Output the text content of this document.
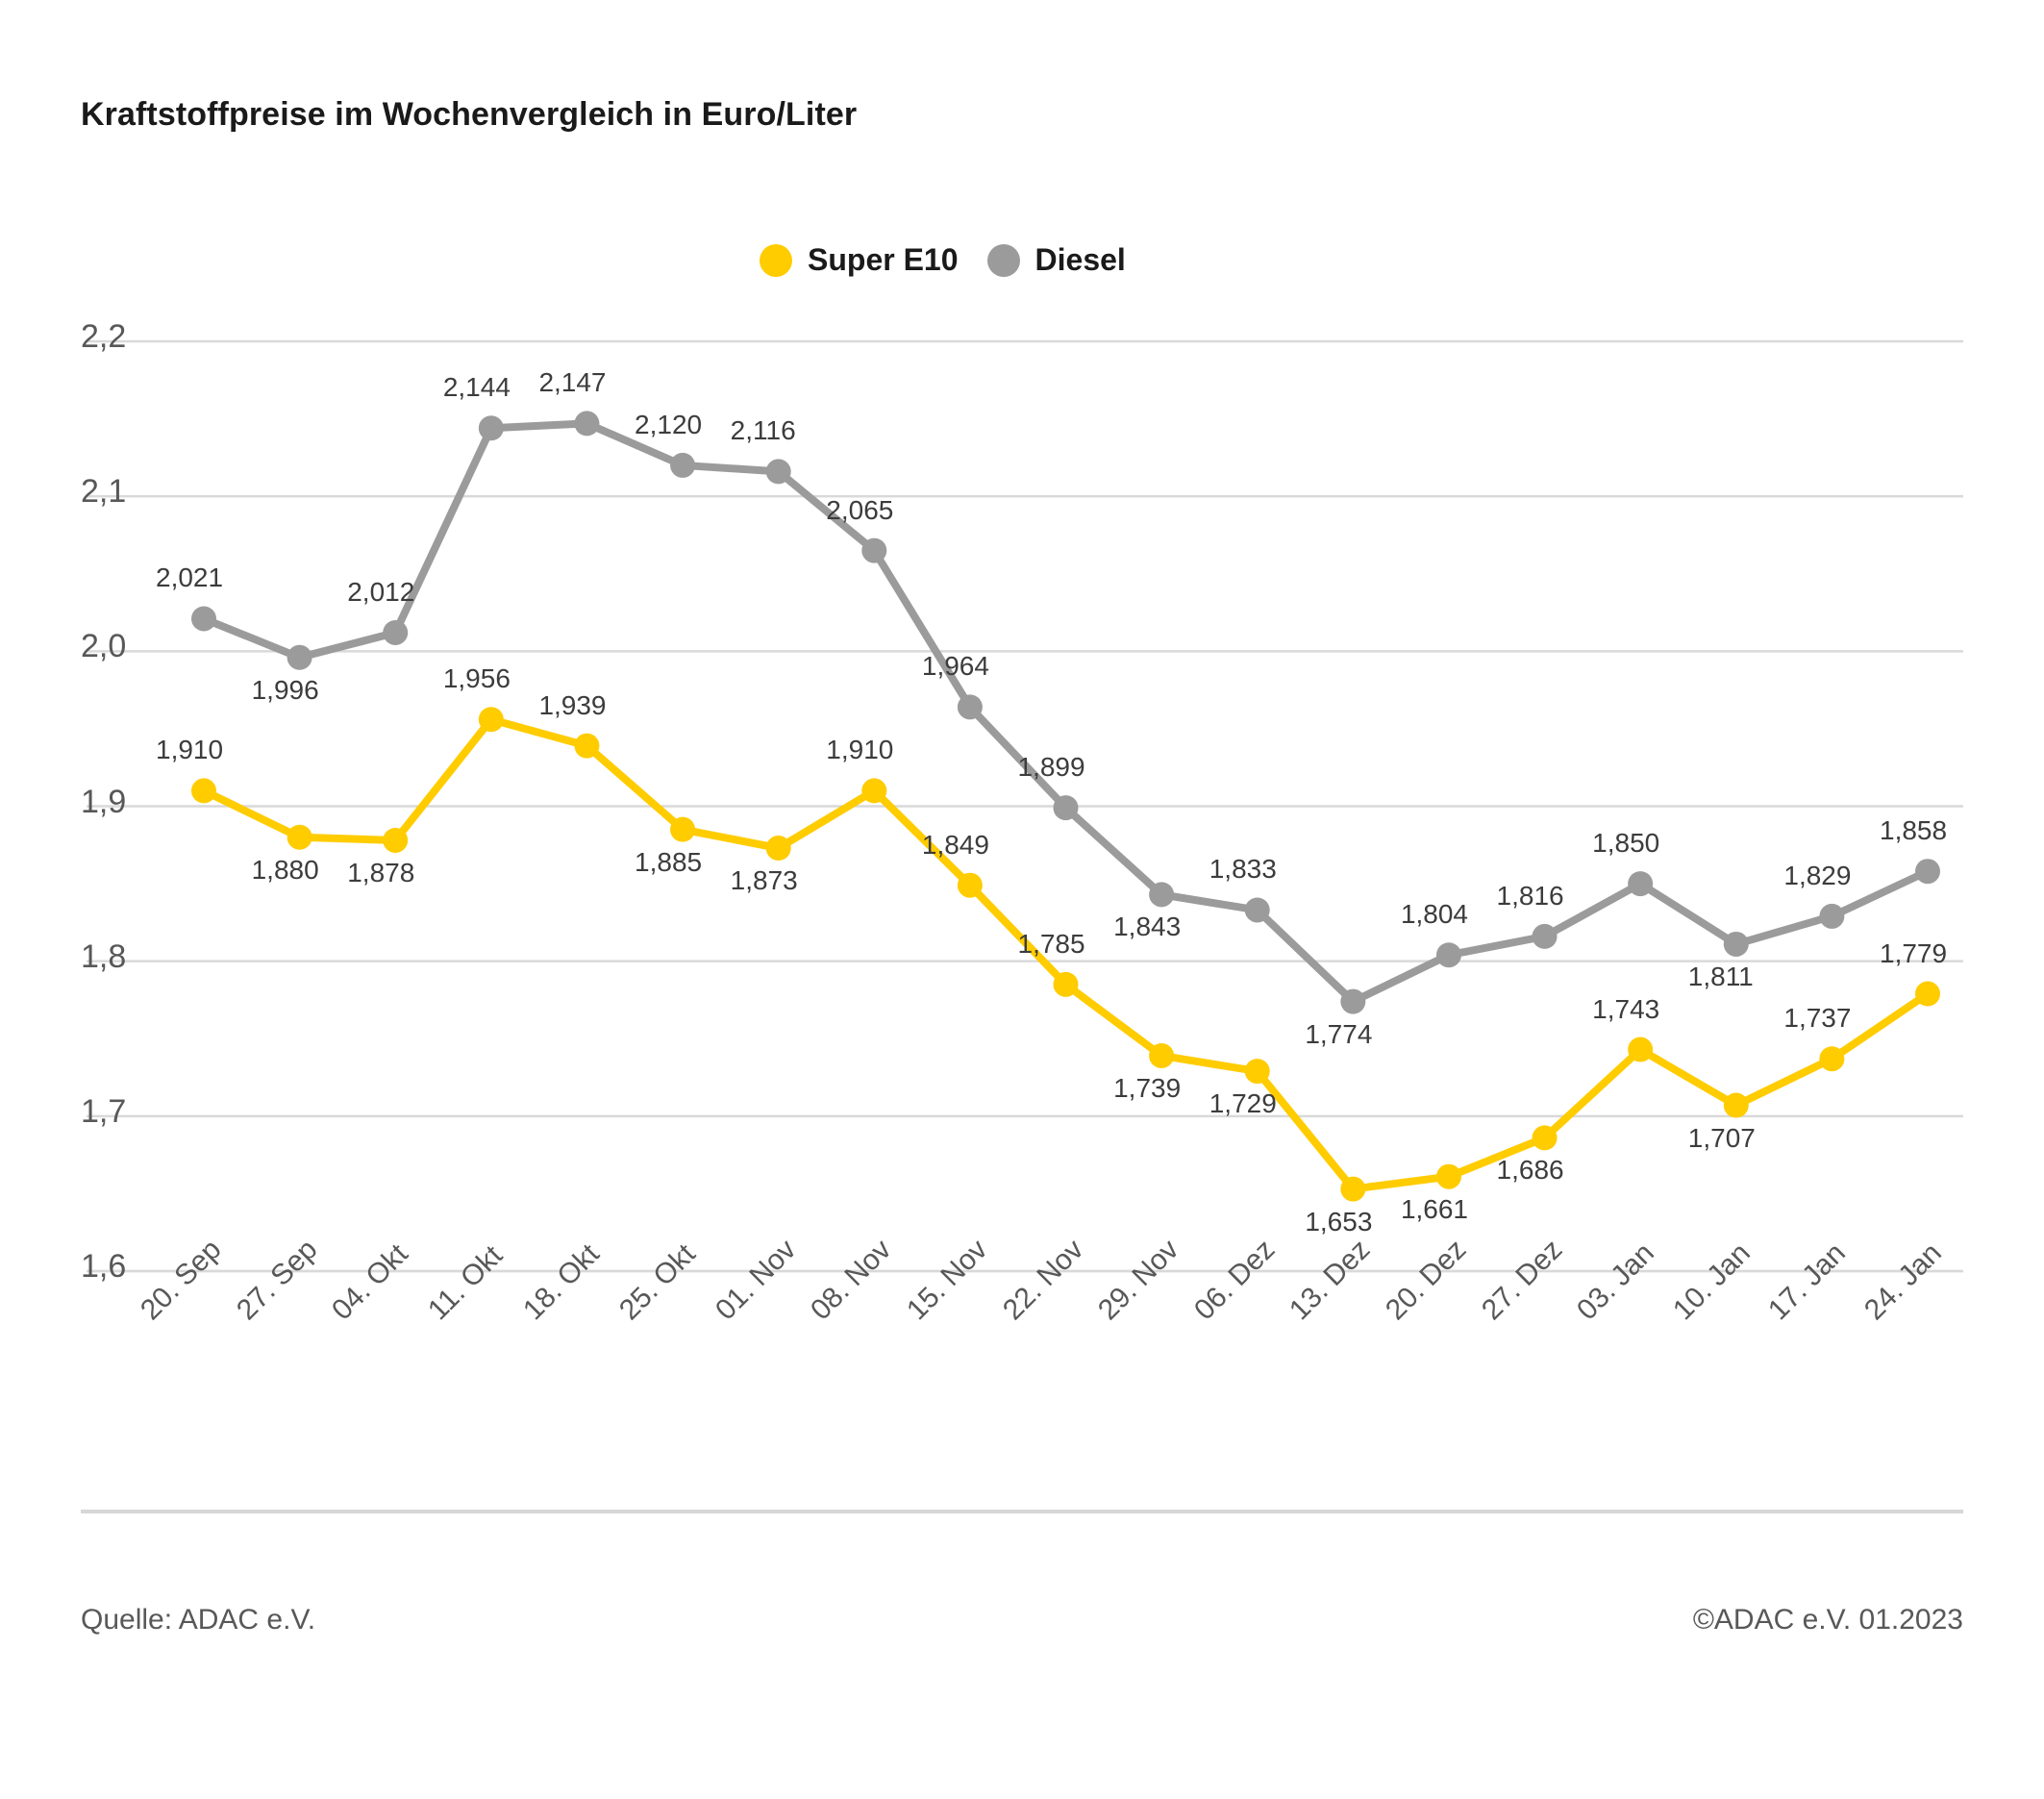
Kraftstoffpreise im Wochenvergleich in Euro/Liter
Super E10	Diesel
1,6
1,7
1,8
1,9
2,0
2,1
2,2
1,910
1,880 1,878
1,956
1,939
1,885
1,873
1,910
1,849
1,785
1,739
1,729
1,653 1,661
1,686
1,743
1,707
1,737
1,779
2,021
1,996
2,012
2,144 2,147
2,120 2,116
2,065
1,964
1,899
1,843
1,833
1,774
1,804
1,816
1,850
1,811
1,829
1,858
20. Sep 27. Sep 04. Okt 11. Okt 18. Okt 25. Okt 01. Nov 08. Nov 15. Nov 22. Nov 29. Nov 06. Dez 13. Dez 20. Dez 27. Dez 03. Jan 10. Jan 17. Jan 24. Jan
Quelle: ADAC e.V.	©ADAC e.V. 01.2023
